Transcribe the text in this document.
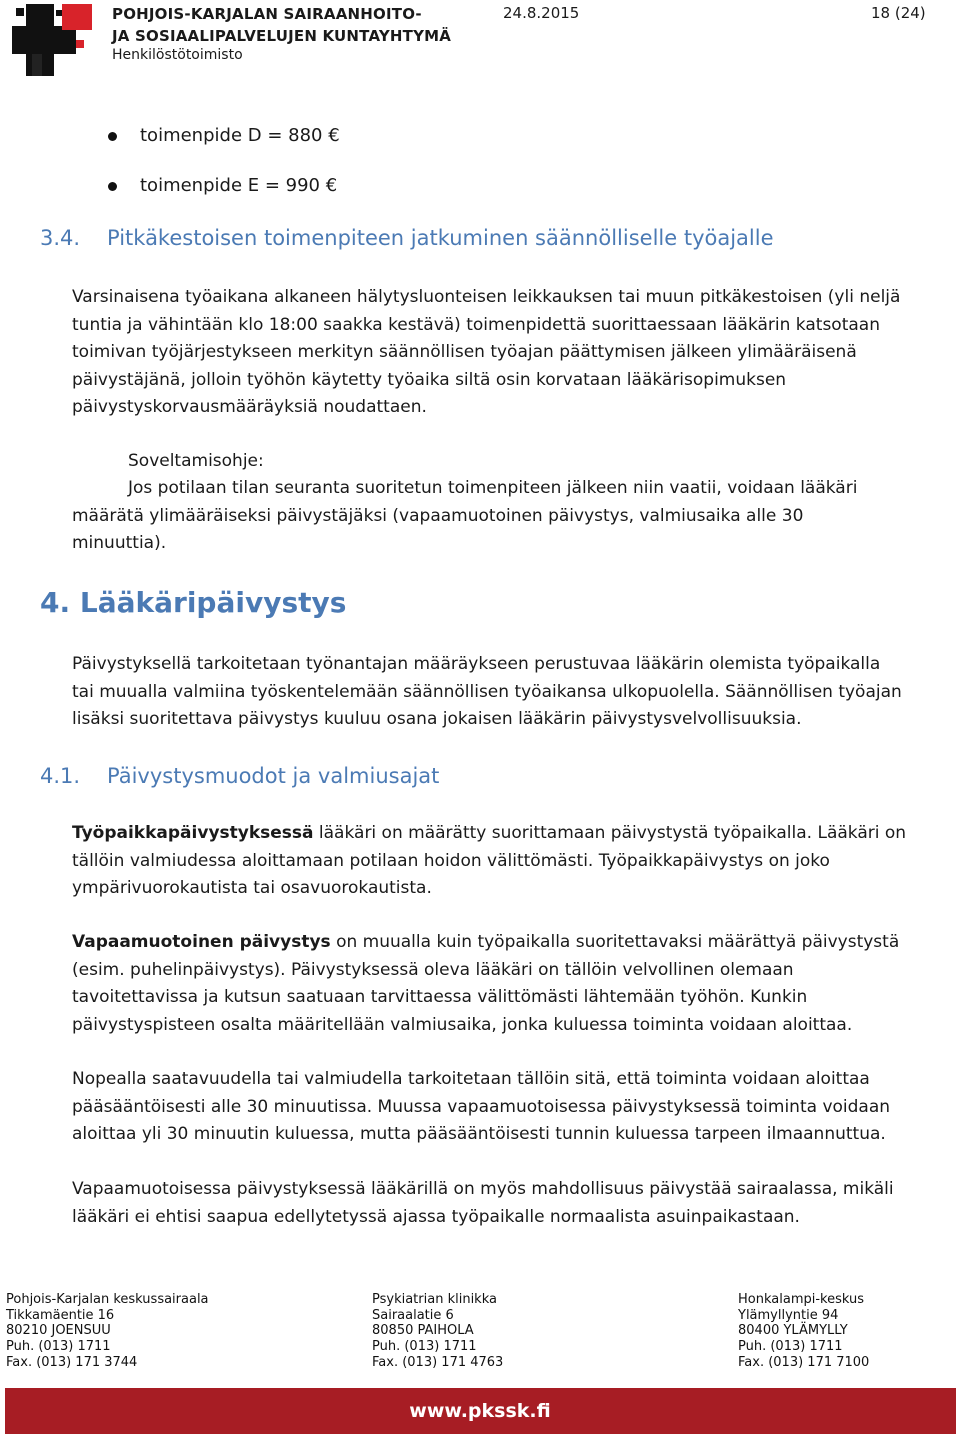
POHJOIS-KARJALAN SAIRAANHOITO-
JA SOSIAALIPALVELUJEN KUNTAYHTYMÄ
Henkilöstötoimisto
24.8.2015	18 (24)
toimenpide D = 880 €
toimenpide E = 990 €
3.4. Pitkäkestoisen toimenpiteen jatkuminen säännölliselle työajalle
Varsinaisena työaikana alkaneen hälytysluonteisen leikkauksen tai muun pitkäkestoisen (yli neljä
tuntia ja vähintään klo 18:00 saakka kestävä) toimenpidettä suorittaessaan lääkärin katsotaan
toimivan työjärjestykseen merkityn säännöllisen työajan päättymisen jälkeen ylimääräisenä
päivystäjänä, jolloin työhön käytetty työaika siltä osin korvataan lääkärisopimuksen
päivystyskorvausmääräyksiä noudattaen.
Soveltamisohje:
Jos potilaan tilan seuranta suoritetun toimenpiteen jälkeen niin vaatii, voidaan lääkäri
määrätä ylimääräiseksi päivystäjäksi (vapaamuotoinen päivystys, valmiusaika alle 30
minuuttia).
4. Lääkäripäivystys
Päivystyksellä tarkoitetaan työnantajan määräykseen perustuvaa lääkärin olemista työpaikalla
tai muualla valmiina työskentelemään säännöllisen työaikansa ulkopuolella. Säännöllisen työajan
lisäksi suoritettava päivystys kuuluu osana jokaisen lääkärin päivystysvelvollisuuksia.
4.1. Päivystysmuodot ja valmiusajat
Työpaikkapäivystyksessä lääkäri on määrätty suorittamaan päivystystä työpaikalla. Lääkäri on
tällöin valmiudessa aloittamaan potilaan hoidon välittömästi. Työpaikkapäivystys on joko
ympärivuorokautista tai osavuorokautista.
Vapaamuotoinen päivystys on muualla kuin työpaikalla suoritettavaksi määrättyä päivystystä
(esim. puhelinpäivystys). Päivystyksessä oleva lääkäri on tällöin velvollinen olemaan
tavoitettavissa ja kutsun saatuaan tarvittaessa välittömästi lähtemään työhön. Kunkin
päivystyspisteen osalta määritellään valmiusaika, jonka kuluessa toiminta voidaan aloittaa.
Nopealla saatavuudella tai valmiudella tarkoitetaan tällöin sitä, että toiminta voidaan aloittaa
pääsääntöisesti alle 30 minuutissa. Muussa vapaamuotoisessa päivystyksessä toiminta voidaan
aloittaa yli 30 minuutin kuluessa, mutta pääsääntöisesti tunnin kuluessa tarpeen ilmaannuttua.
Vapaamuotoisessa päivystyksessä lääkärillä on myös mahdollisuus päivystää sairaalassa, mikäli
lääkäri ei ehtisi saapua edellytetyssä ajassa työpaikalle normaalista asuinpaikastaan.
Pohjois-Karjalan keskussairaala
Tikkamäentie 16
80210 JOENSUU
Puh. (013) 1711
Fax. (013) 171 3744
Psykiatrian klinikka
Sairaalatie 6
80850 PAIHOLA
Puh. (013) 1711
Fax. (013) 171 4763
Honkalampi-keskus
Ylämyllyntie 94
80400 YLÄMYLLY
Puh. (013) 1711
Fax. (013) 171 7100
www.pkssk.fi
